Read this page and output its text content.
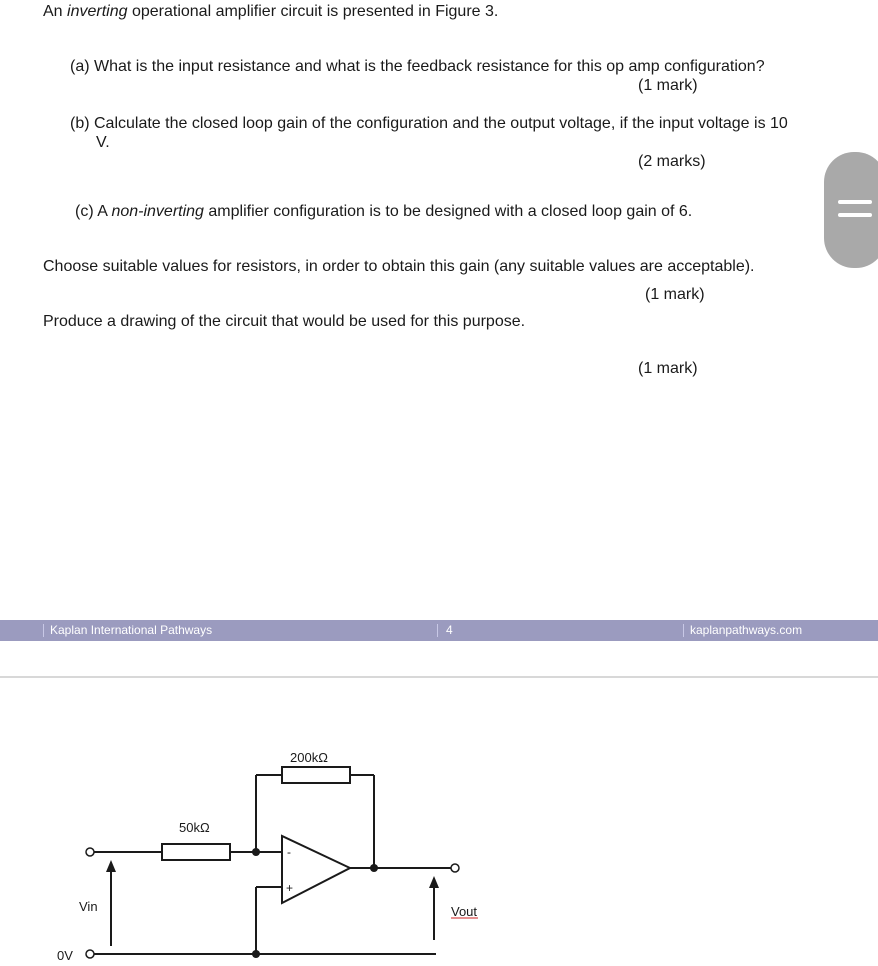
An inverting operational amplifier circuit is presented in Figure 3.
(a) What is the input resistance and what is the feedback resistance for this op amp configuration?
(1 mark)
(b) Calculate the closed loop gain of the configuration and the output voltage, if the input voltage is 10
V.
(2 marks)
(c) A non-inverting amplifier configuration is to be designed with a closed loop gain of 6.
Choose suitable values for resistors, in order to obtain this gain (any suitable values are acceptable).
(1 mark)
Produce a drawing of the circuit that would be used for this purpose.
(1 mark)
Kaplan International Pathways	4	kaplanpathways.com
200kΩ
50kΩ
-
+
Vin	Vout
0V
